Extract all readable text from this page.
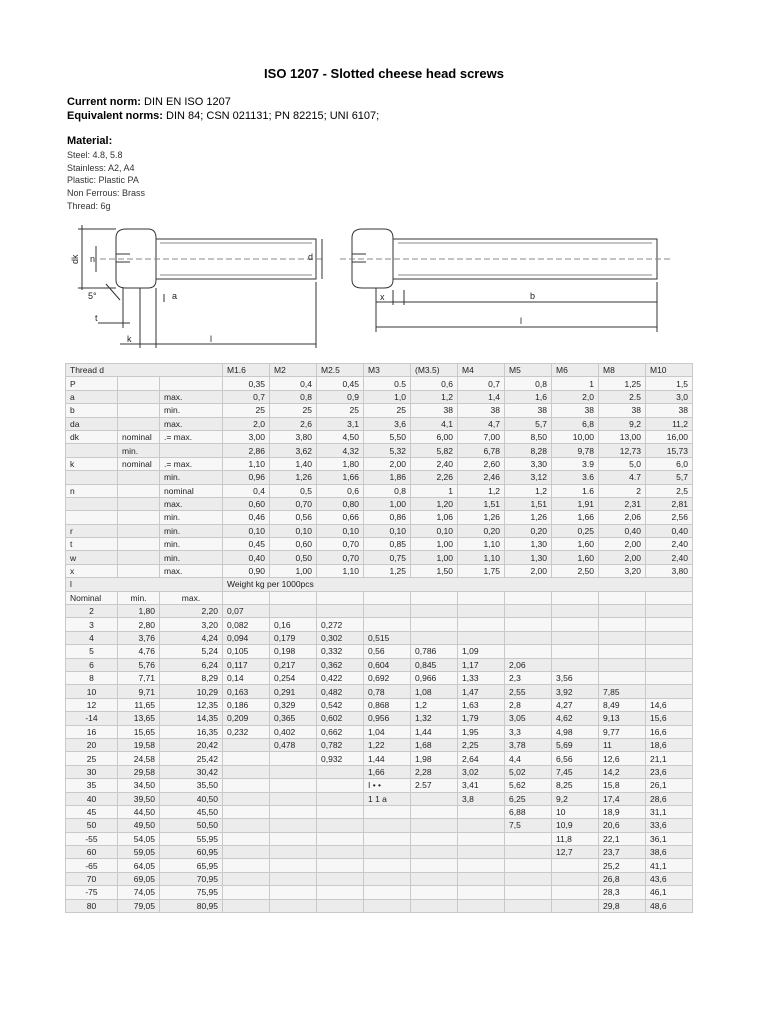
ISO 1207 - Slotted cheese head screws
Current norm: DIN EN ISO 1207
Equivalent norms: DIN 84; CSN 021131; PN 82215; UNI 6107;
Material:
Steel: 4.8, 5.8
Stainless: A2, A4
Plastic: Plastic PA
Non Ferrous: Brass
Thread: 6g
dk n	d
5°	a
t
k	l
x	b
l
Thread d			M1.6	M2	M2.5	M3	(M3.5)	M4	M5	M6	M8	M10
P			0,35	0,4	0,45	0.5	0,6	0,7	0,8	1	1,25	1,5
a		max.	0,7	0,8	0,9	1,0	1,2	1,4	1,6	2,0	2.5	3,0
b		min.	25	25	25	25	38	38	38	38	38	38
da		max.	2,0	2,6	3,1	3,6	4,1	4,7	5,7	6,8	9,2	11,2
dk	nominal	.= max.	3,00	3,80	4,50	5,50	6,00	7,00	8,50	10,00	13,00	16,00
	min.		2,86	3,62	4,32	5,32	5,82	6,78	8,28	9,78	12,73	15,73
k	nominal	.= max.	1,10	1,40	1,80	2,00	2,40	2,60	3,30	3.9	5,0	6,0
		min.	0,96	1,26	1,66	1,86	2,26	2,46	3,12	3.6	4.7	5,7
n		nominal	0,4	0,5	0,6	0,8	1	1,2	1,2	1.6	2	2,5
		max.	0,60	0,70	0,80	1,00	1,20	1,51	1,51	1,91	2,31	2,81
		min.	0,46	0,56	0,66	0,86	1,06	1,26	1,26	1,66	2,06	2,56
r		min.	0,10	0,10	0,10	0,10	0,10	0,20	0,20	0,25	0,40	0,40
t		min.	0,45	0,60	0,70	0,85	1,00	1,10	1,30	1,60	2,00	2,40
w		min.	0,40	0,50	0,70	0,75	1,00	1,10	1,30	1,60	2,00	2,40
x		max.	0,90	1,00	1,10	1,25	1,50	1,75	2,00	2,50	3,20	3,80
l			Weight kg per 1000pcs									
Nominal	min.	max.										
2	1,80	2,20	0,07									
3	2,80	3,20	0,082	0,16	0,272							
4	3,76	4,24	0,094	0,179	0,302	0,515						
5	4,76	5,24	0,105	0,198	0,332	0,56	0,786	1,09				
6	5,76	6,24	0,117	0,217	0,362	0,604	0,845	1,17	2,06			
8	7,71	8,29	0,14	0,254	0,422	0,692	0,966	1,33	2,3	3,56		
10	9,71	10,29	0,163	0,291	0,482	0,78	1,08	1,47	2,55	3,92	7,85	
12	11,65	12,35	0,186	0,329	0,542	0,868	1,2	1,63	2,8	4,27	8,49	14,6
-14	13,65	14,35	0,209	0,365	0,602	0,956	1,32	1,79	3,05	4,62	9,13	15,6
16	15,65	16,35	0,232	0,402	0,662	1,04	1,44	1,95	3,3	4,98	9,77	16,6
20	19,58	20,42		0,478	0,782	1,22	1,68	2,25	3,78	5,69	11	18,6
25	24,58	25,42			0,932	1,44	1,98	2,64	4,4	6,56	12,6	21,1
30	29,58	30,42				1,66	2,28	3,02	5,02	7,45	14,2	23,6
35	34,50	35,50				I • •	2.57	3,41	5,62	8,25	15,8	26,1
40	39,50	40,50				1 1 a		3,8	6,25	9,2	17,4	28,6
45	44,50	45,50							6,88	10	18,9	31,1
50	49,50	50,50							7,5	10,9	20,6	33,6
-55	54,05	55,95								11,8	22,1	36,1
60	59,05	60,95								12,7	23,7	38,6
-65	64,05	65,95									25,2	41,1
70	69,05	70,95									26,8	43,6
-75	74,05	75,95									28,3	46,1
80	79,05	80,95									29,8	48,6
